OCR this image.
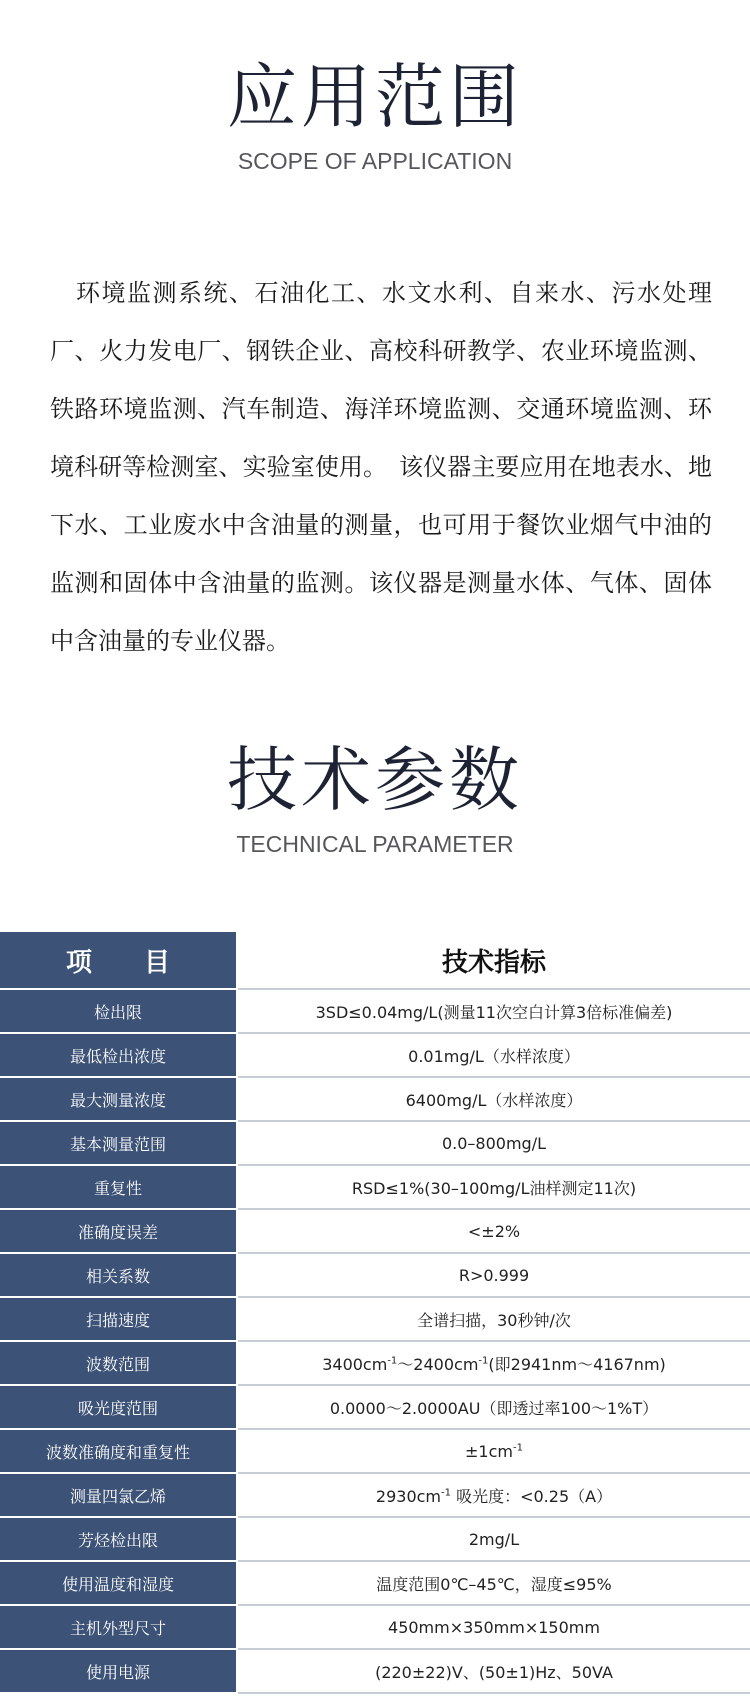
应用范围
SCOPE OF APPLICATION

环境监测系统、石油化工、水文水利、自来水、污水处理厂、火力发电厂、钢铁企业、高校科研教学、农业环境监测、铁路环境监测、汽车制造、海洋环境监测、交通环境监测、环境科研等检测室、实验室使用。　该仪器主要应用在地表水、地下水、工业废水中含油量的测量，也可用于餐饮业烟气中油的监测和固体中含油量的监测。该仪器是测量水体、气体、固体中含油量的专业仪器。

技术参数
TECHNICAL PARAMETER
项　　目	技术指标
检出限	3SD≤0.04mg/L(测量11次空白计算3倍标准偏差)
最低检出浓度	0.01mg/L（水样浓度）
最大测量浓度	6400mg/L（水样浓度）
基本测量范围	0.0–800mg/L
重复性	RSD≤1%(30–100mg/L油样测定11次)
准确度误差	<±2%
相关系数	R>0.999
扫描速度	全谱扫描，30秒钟/次
波数范围	$3400cm^{-1}\sim 2400cm^{-1}$(即2941nm～4167nm)
吸光度范围	0.0000～2.0000AU（即透过率100～1%T）
波数准确度和重复性	$\pm 1cm^{-1}$
测量四氯乙烯	$2930cm^{-1}$ 吸光度：<0.25（A）
芳烃检出限	2mg/L
使用温度和湿度	温度范围0℃–45℃，湿度≤95%
主机外型尺寸	450mm×350mm×150mm
使用电源	(220±22)V、(50±1)Hz、50VA
